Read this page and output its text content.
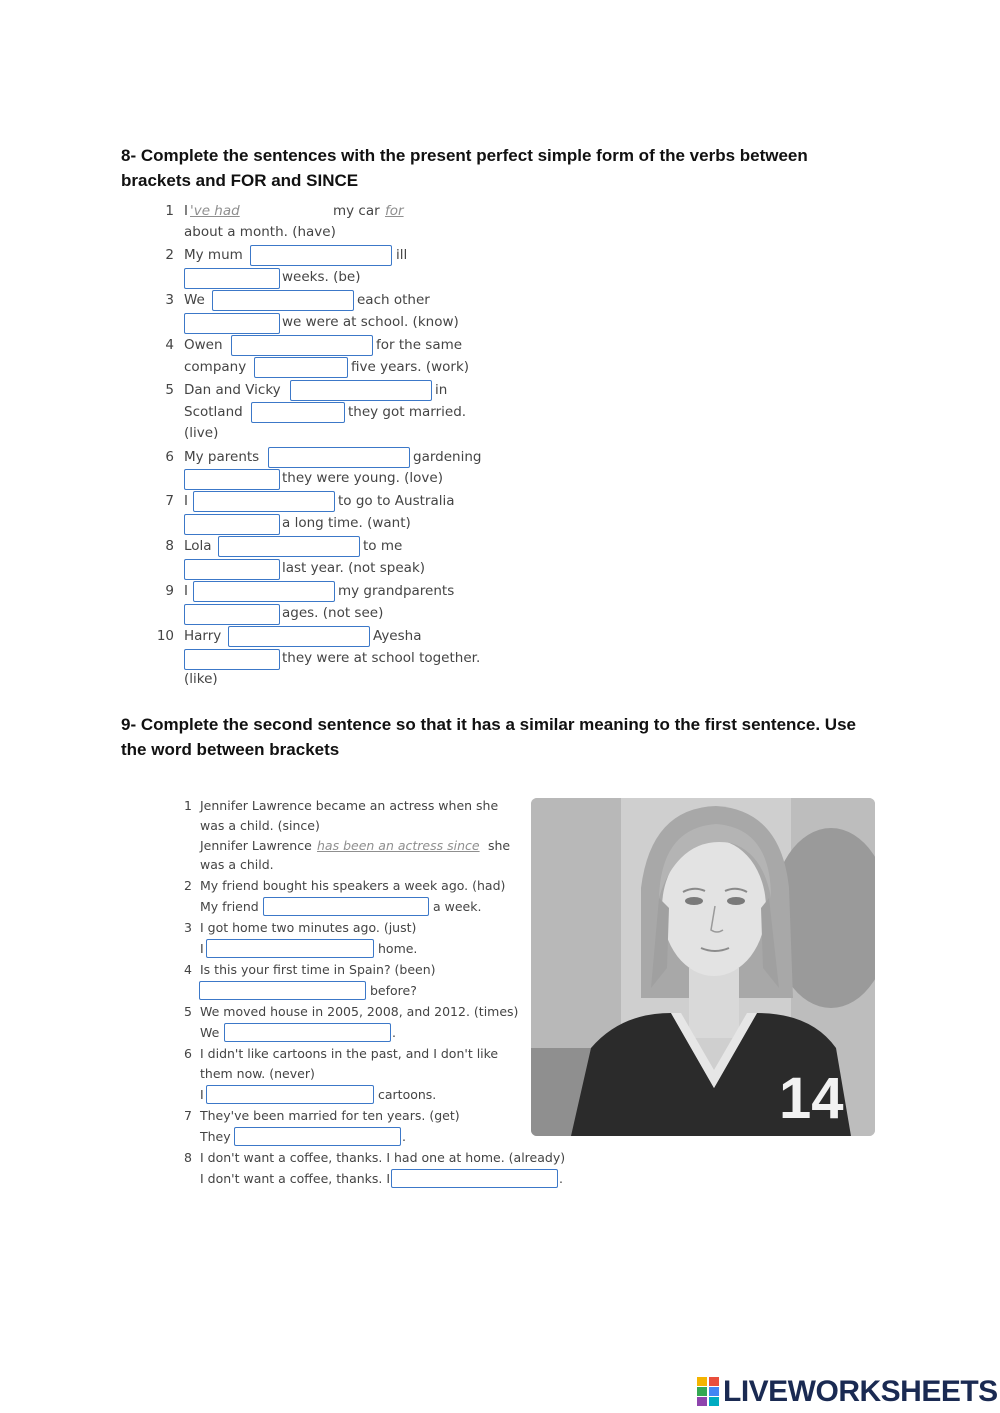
8- Complete the sentences with the present perfect simple form of the verbs between brackets and FOR and SINCE
1 I 've had	my car for
about a month. (have)
2 My mum	ill
weeks. (be)
3 We	each other
we were at school. (know)
4 Owen	for the same
company	five years. (work)
5 Dan and Vicky	in
Scotland	they got married.
(live)
6 My parents	gardening
they were young. (love)
7 I	to go to Australia
a long time. (want)
8 Lola	to me
last year. (not speak)
9 I	my grandparents
ages. (not see)
10 Harry	Ayesha
they were at school together.
(like)
9- Complete the second sentence so that it has a similar meaning to the first sentence. Use the word between brackets
1 Jennifer Lawrence became an actress when she
was a child. (since)
Jennifer Lawrence has been an actress since she
was a child.
2 My friend bought his speakers a week ago. (had)
My friend	a week.
3 I got home two minutes ago. (just)
I	home.
4 Is this your first time in Spain? (been)
before?
5 We moved house in 2005, 2008, and 2012. (times)
We	.
6 I didn't like cartoons in the past, and I don't like
them now. (never)
I	cartoons.
7 They've been married for ten years. (get)
They	.
8 I don't want a coffee, thanks. I had one at home. (already)
I don't want a coffee, thanks. I	.
14
LIVEWORKSHEETS
